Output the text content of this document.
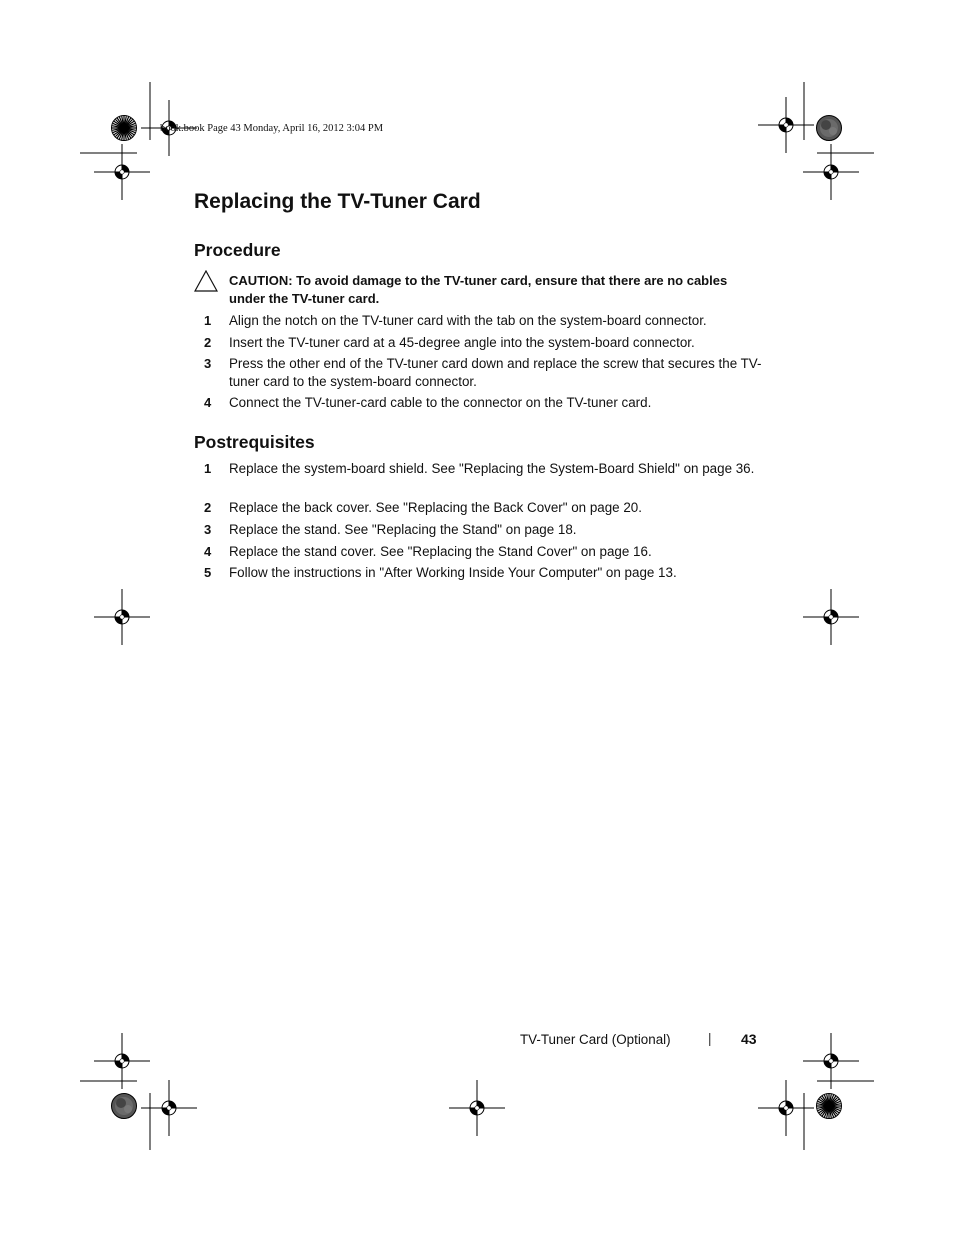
book.book Page 43 Monday, April 16, 2012 3:04 PM
Replacing the TV-Tuner Card
Procedure
CAUTION: To avoid damage to the TV-tuner card, ensure that there are no cables under the TV-tuner card.
1 Align the notch on the TV-tuner card with the tab on the system-board connector.
2 Insert the TV-tuner card at a 45-degree angle into the system-board connector.
3 Press the other end of the TV-tuner card down and replace the screw that secures the TV-tuner card to the system-board connector.
4 Connect the TV-tuner-card cable to the connector on the TV-tuner card.
Postrequisites
1 Replace the system-board shield. See "Replacing the System-Board Shield" on page 36.
2 Replace the back cover. See "Replacing the Back Cover" on page 20.
3 Replace the stand. See "Replacing the Stand" on page 18.
4 Replace the stand cover. See "Replacing the Stand Cover" on page 16.
5 Follow the instructions in "After Working Inside Your Computer" on page 13.
TV-Tuner Card (Optional)	| 43
